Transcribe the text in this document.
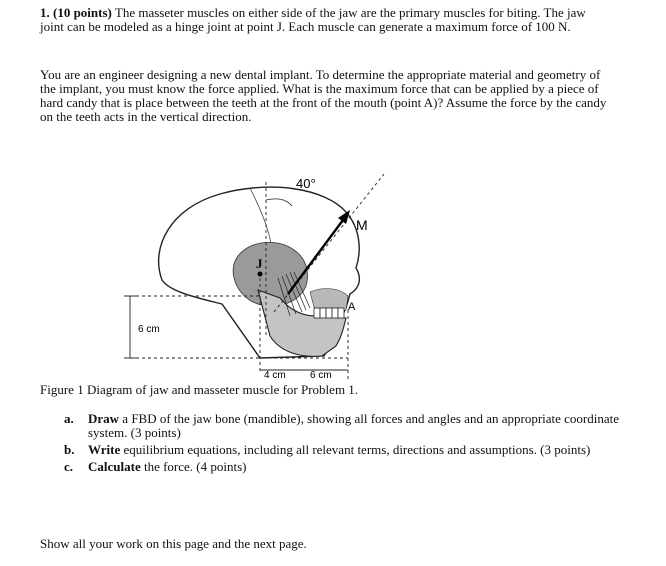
1. (10 points) The masseter muscles on either side of the jaw are the primary muscles for biting. The jaw joint can be modeled as a hinge joint at point J. Each muscle can generate a maximum force of 100 N.

You are an engineer designing a new dental implant. To determine the appropriate material and geometry of the implant, you must know the force applied. What is the maximum force that can be applied by a piece of hard candy that is place between the teeth at the front of the mouth (point A)? Assume the force by the candy on the teeth acts in the vertical direction.

40°
M
J
A
6 cm
4 cm 6 cm

Figure 1 Diagram of jaw and masseter muscle for Problem 1.

a. Draw a FBD of the jaw bone (mandible), showing all forces and angles and an appropriate coordinate system. (3 points)
b. Write equilibrium equations, including all relevant terms, directions and assumptions. (3 points)
c. Calculate the force. (4 points)

Show all your work on this page and the next page.
